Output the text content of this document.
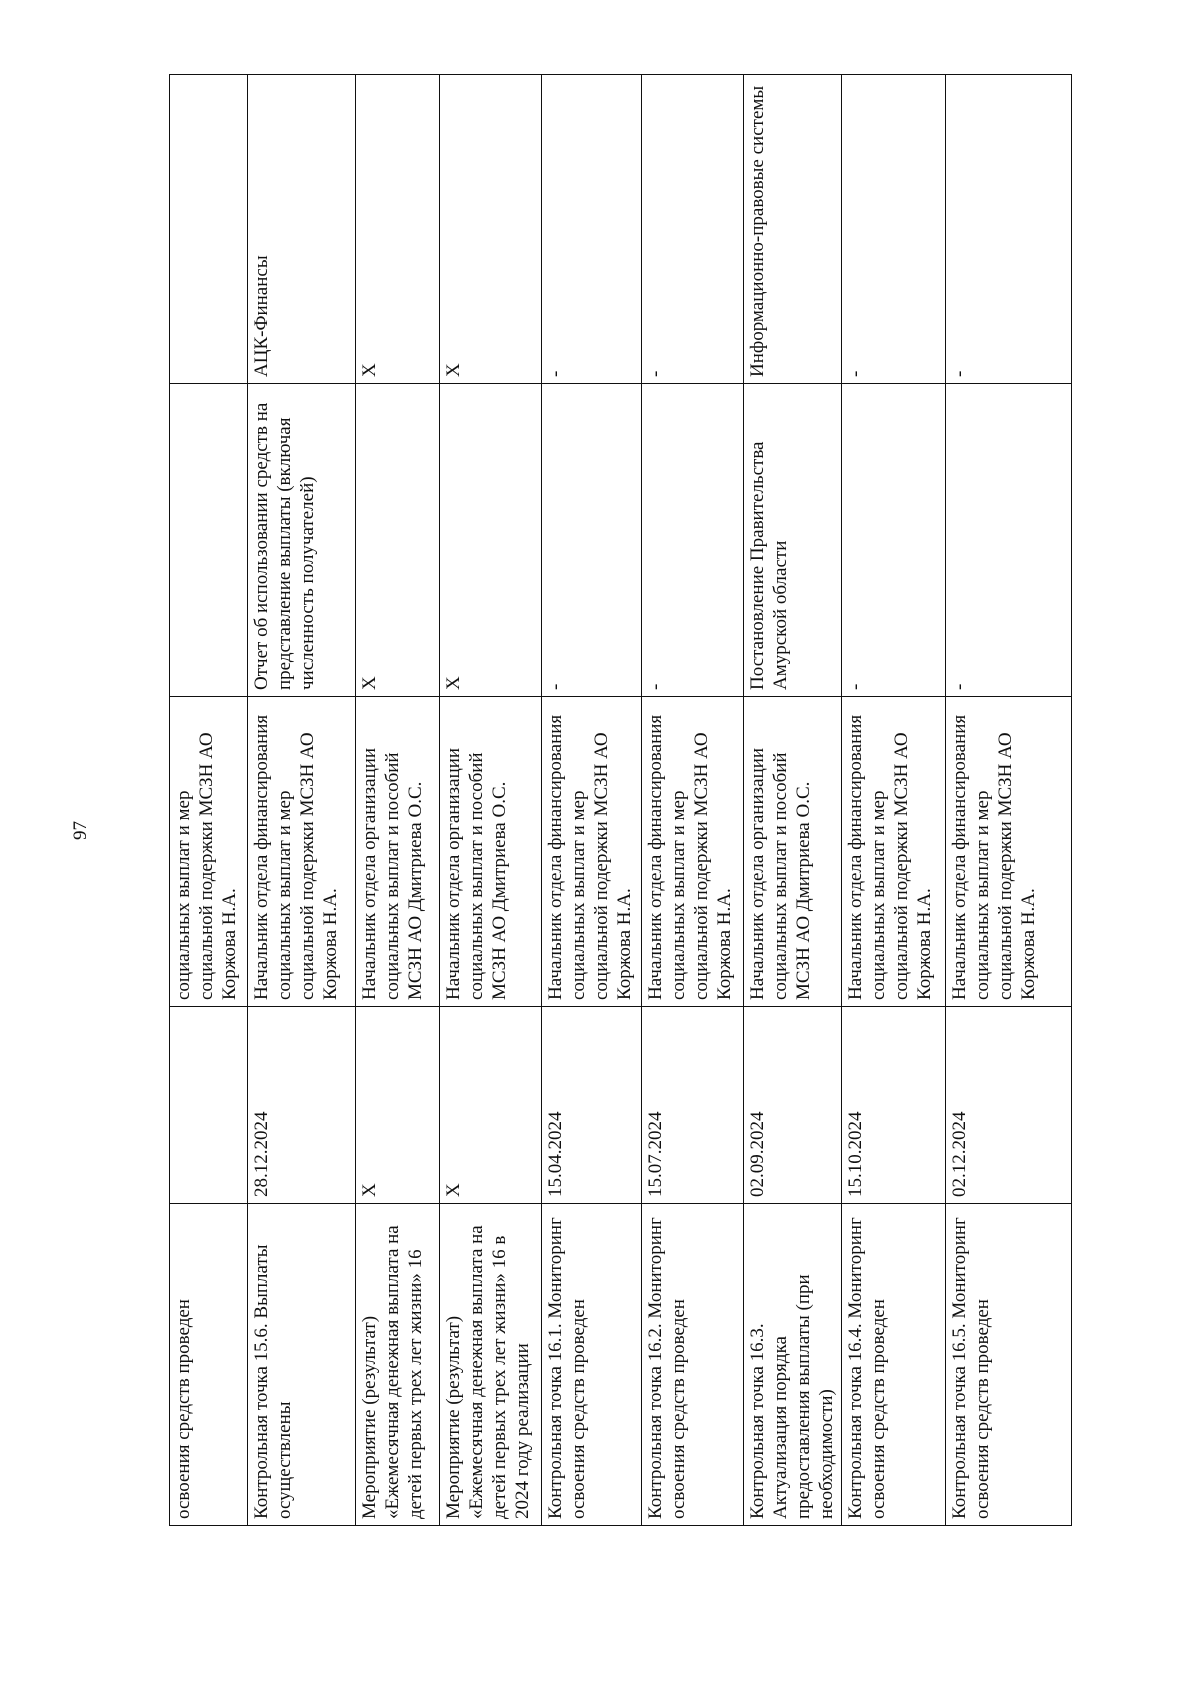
97
освоения средств проведен		социальных выплат и мер социальной подержки МСЗН АО Коржова Н.А.		
Контрольная точка 15.6. Выплаты осуществлены	28.12.2024	Начальник отдела финансирования социальных выплат и мер социальной подержки МСЗН АО Коржова Н.А.	Отчет об использовании средств на представление выплаты (включая численность получателей)	АЦК-Финансы
Мероприятие (результат) «Ежемесячная денежная выплата на детей первых трех лет жизни» 16	X	Начальник отдела организации социальных выплат и пособий МСЗН АО Дмитриева О.С.	X	X
Мероприятие (результат) «Ежемесячная денежная выплата на детей первых трех лет жизни» 16 в 2024 году реализации	X	Начальник отдела организации социальных выплат и пособий МСЗН АО Дмитриева О.С.	X	X
Контрольная точка 16.1. Мониторинг освоения средств проведен	15.04.2024	Начальник отдела финансирования социальных выплат и мер социальной подержки МСЗН АО Коржова Н.А.	-	-
Контрольная точка 16.2. Мониторинг освоения средств проведен	15.07.2024	Начальник отдела финансирования социальных выплат и мер социальной подержки МСЗН АО Коржова Н.А.	-	-
Контрольная точка 16.3. Актуализация порядка предоставления выплаты (при необходимости)	02.09.2024	Начальник отдела организации социальных выплат и пособий МСЗН АО Дмитриева О.С.	Постановление Правительства Амурской области	Информационно-правовые системы
Контрольная точка 16.4. Мониторинг освоения средств проведен	15.10.2024	Начальник отдела финансирования социальных выплат и мер социальной подержки МСЗН АО Коржова Н.А.	-	-
Контрольная точка 16.5. Мониторинг освоения средств проведен	02.12.2024	Начальник отдела финансирования социальных выплат и мер социальной подержки МСЗН АО Коржова Н.А.	-	-
